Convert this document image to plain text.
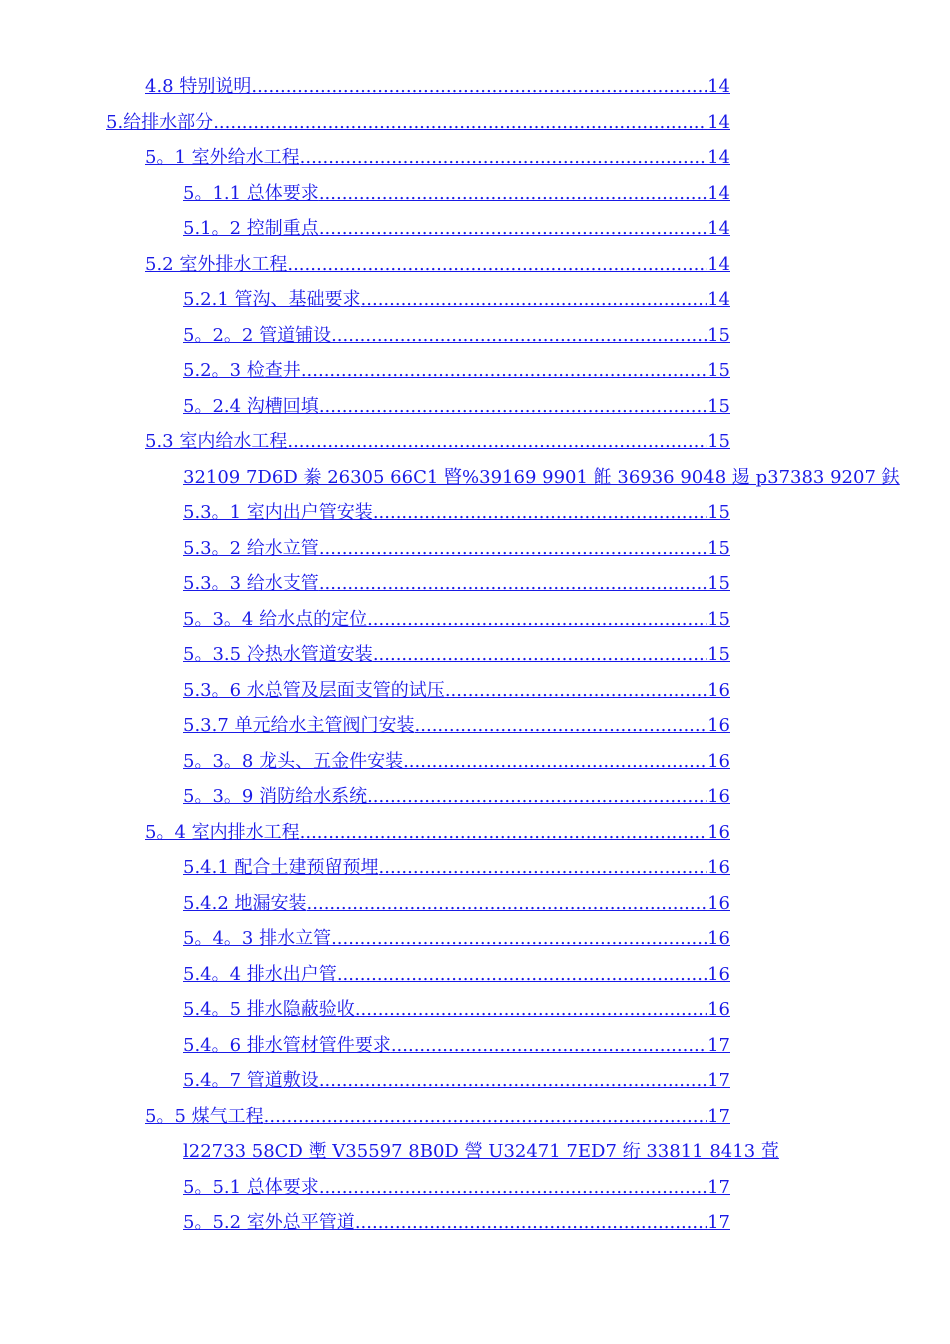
4.8 特别说明 .....	14
5.给排水部分 .....	14
5。1 室外给水工程 .....	14
5。1.1 总体要求 .....	14
5.1。2 控制重点 .....	14
5.2 室外排水工程 .....	14
5.2.1 管沟、基础要求 .....	14
5。2。2 管道铺设 .....	15
5.2。3 检查井 .....	15
5。2.4 沟槽回填 .....	15
5.3 室内给水工程 .....	15
32109 7D6D 絭 26305 66C1 暋%39169 9901 餁 36936 9048 逷 p37383 9207 鈇
5.3。1 室内出户管安装 .....	15
5.3。2 给水立管 .....	15
5.3。3 给水支管 .....	15
5。3。4 给水点的定位 .....	15
5。3.5 冷热水管道安装 .....	15
5.3。6 水总管及层面支管的试压 .....	16
5.3.7 单元给水主管阀门安装 .....	16
5。3。8 龙头、五金件安装 .....	16
5。3。9 消防给水系统 .....	16
5。4 室内排水工程 .....	16
5.4.1 配合土建预留预埋 .....	16
5.4.2 地漏安装 .....	16
5。4。3 排水立管 .....	16
5.4。4 排水出户管 .....	16
5.4。5 排水隐蔽验收 .....	16
5.4。6 排水管材管件要求 .....	17
5.4。7 管道敷设 .....	17
5。5 煤气工程 .....	17
l22733 58CD 壍 V35597 8B0D 謍 U32471 7ED7 绗 33811 8413 萓
5。5.1 总体要求 .....	17
5。5.2 室外总平管道 .....	17
